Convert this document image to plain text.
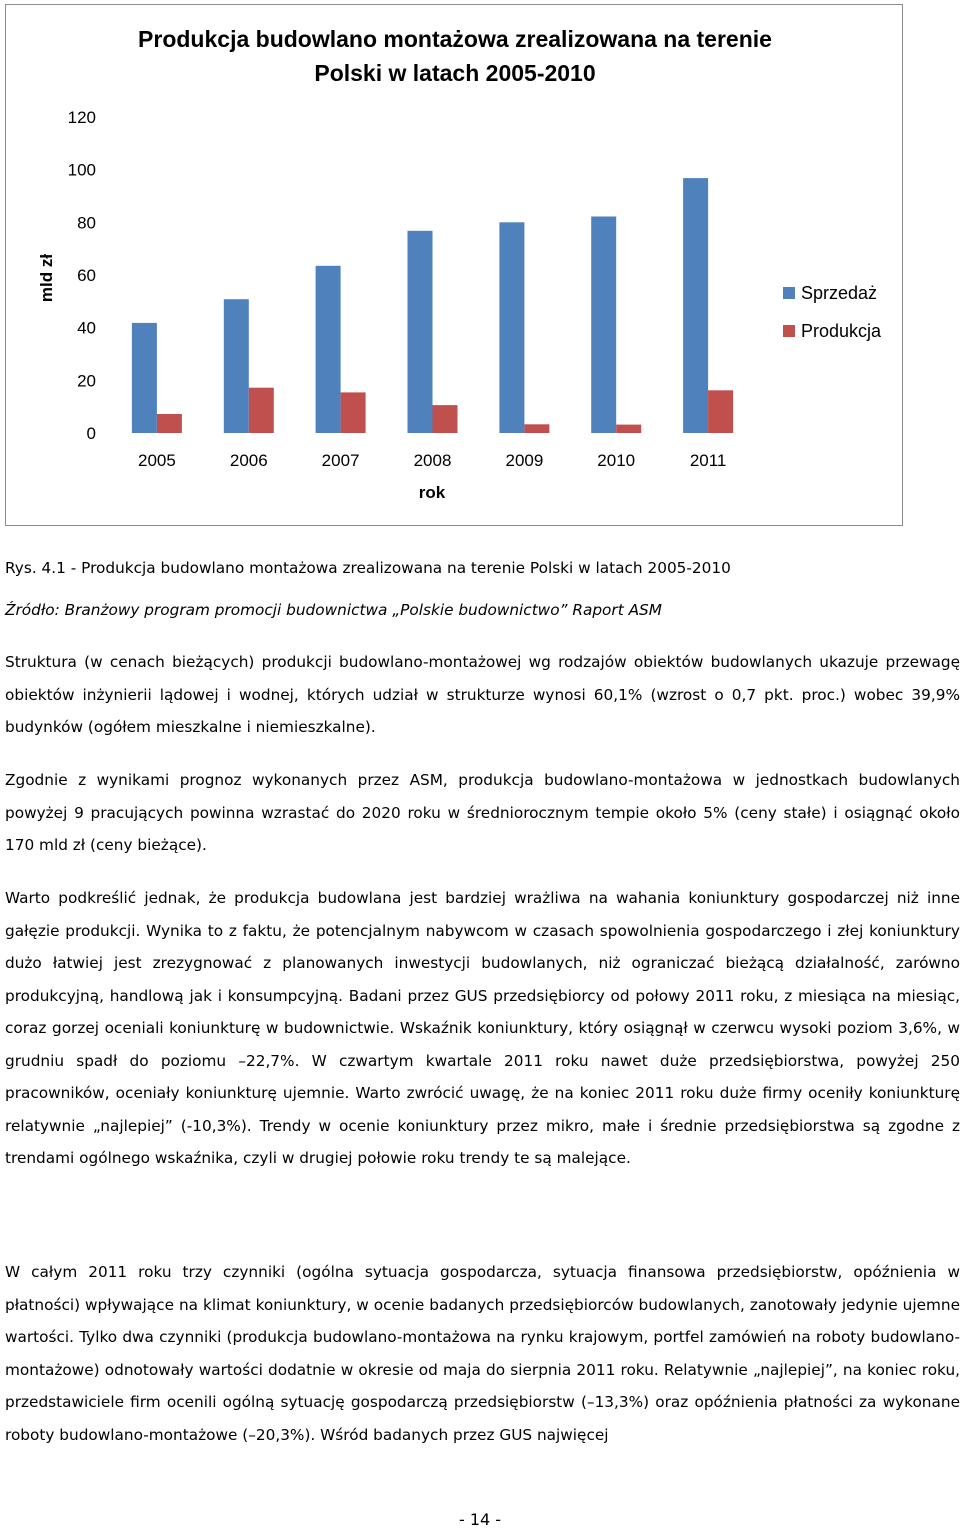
Produkcja budowlano montażowa zrealizowana na terenie
Polski w latach 2005-2010
mld zł
rok
0
20
40
60
80
100
120
2005	2006	2007	2008	2009	2010	2011
Sprzedaż
Produkcja

Rys. 4.1 - Produkcja budowlano montażowa zrealizowana na terenie Polski w latach 2005-2010

Źródło: Branżowy program promocji budownictwa „Polskie budownictwo” Raport ASM

Struktura (w cenach bieżących) produkcji budowlano-montażowej wg rodzajów obiektów budowlanych ukazuje przewagę obiektów inżynierii lądowej i wodnej, których udział w strukturze wynosi 60,1% (wzrost o 0,7 pkt. proc.) wobec 39,9% budynków (ogółem mieszkalne i niemieszkalne).

Zgodnie z wynikami prognoz wykonanych przez ASM, produkcja budowlano-montażowa w jednostkach budowlanych powyżej 9 pracujących powinna wzrastać do 2020 roku w średniorocznym tempie około 5% (ceny stałe) i osiągnąć około 170 mld zł (ceny bieżące).

Warto podkreślić jednak, że produkcja budowlana jest bardziej wrażliwa na wahania koniunktury gospodarczej niż inne gałęzie produkcji. Wynika to z faktu, że potencjalnym nabywcom w czasach spowolnienia gospodarczego i złej koniunktury dużo łatwiej jest zrezygnować z planowanych inwestycji budowlanych, niż ograniczać bieżącą działalność, zarówno produkcyjną, handlową jak i konsumpcyjną. Badani przez GUS przedsiębiorcy od połowy 2011 roku, z miesiąca na miesiąc, coraz gorzej oceniali koniunkturę w budownictwie. Wskaźnik koniunktury, który osiągnął w czerwcu wysoki poziom 3,6%, w grudniu spadł do poziomu –22,7%. W czwartym kwartale 2011 roku nawet duże przedsiębiorstwa, powyżej 250 pracowników, oceniały koniunkturę ujemnie. Warto zwrócić uwagę, że na koniec 2011 roku duże firmy oceniły koniunkturę relatywnie „najlepiej” (-10,3%). Trendy w ocenie koniunktury przez mikro, małe i średnie przedsiębiorstwa są zgodne z trendami ogólnego wskaźnika, czyli w drugiej połowie roku trendy te są malejące.

W całym 2011 roku trzy czynniki (ogólna sytuacja gospodarcza, sytuacja finansowa przedsiębiorstw, opóźnienia w płatności) wpływające na klimat koniunktury, w ocenie badanych przedsiębiorców budowlanych, zanotowały jedynie ujemne wartości. Tylko dwa czynniki (produkcja budowlano-montażowa na rynku krajowym, portfel zamówień na roboty budowlano-montażowe) odnotowały wartości dodatnie w okresie od maja do sierpnia 2011 roku. Relatywnie „najlepiej”, na koniec roku, przedstawiciele firm ocenili ogólną sytuację gospodarczą przedsiębiorstw (–13,3%) oraz opóźnienia płatności za wykonane roboty budowlano-montażowe (–20,3%). Wśród badanych przez GUS najwięcej

- 14 -
